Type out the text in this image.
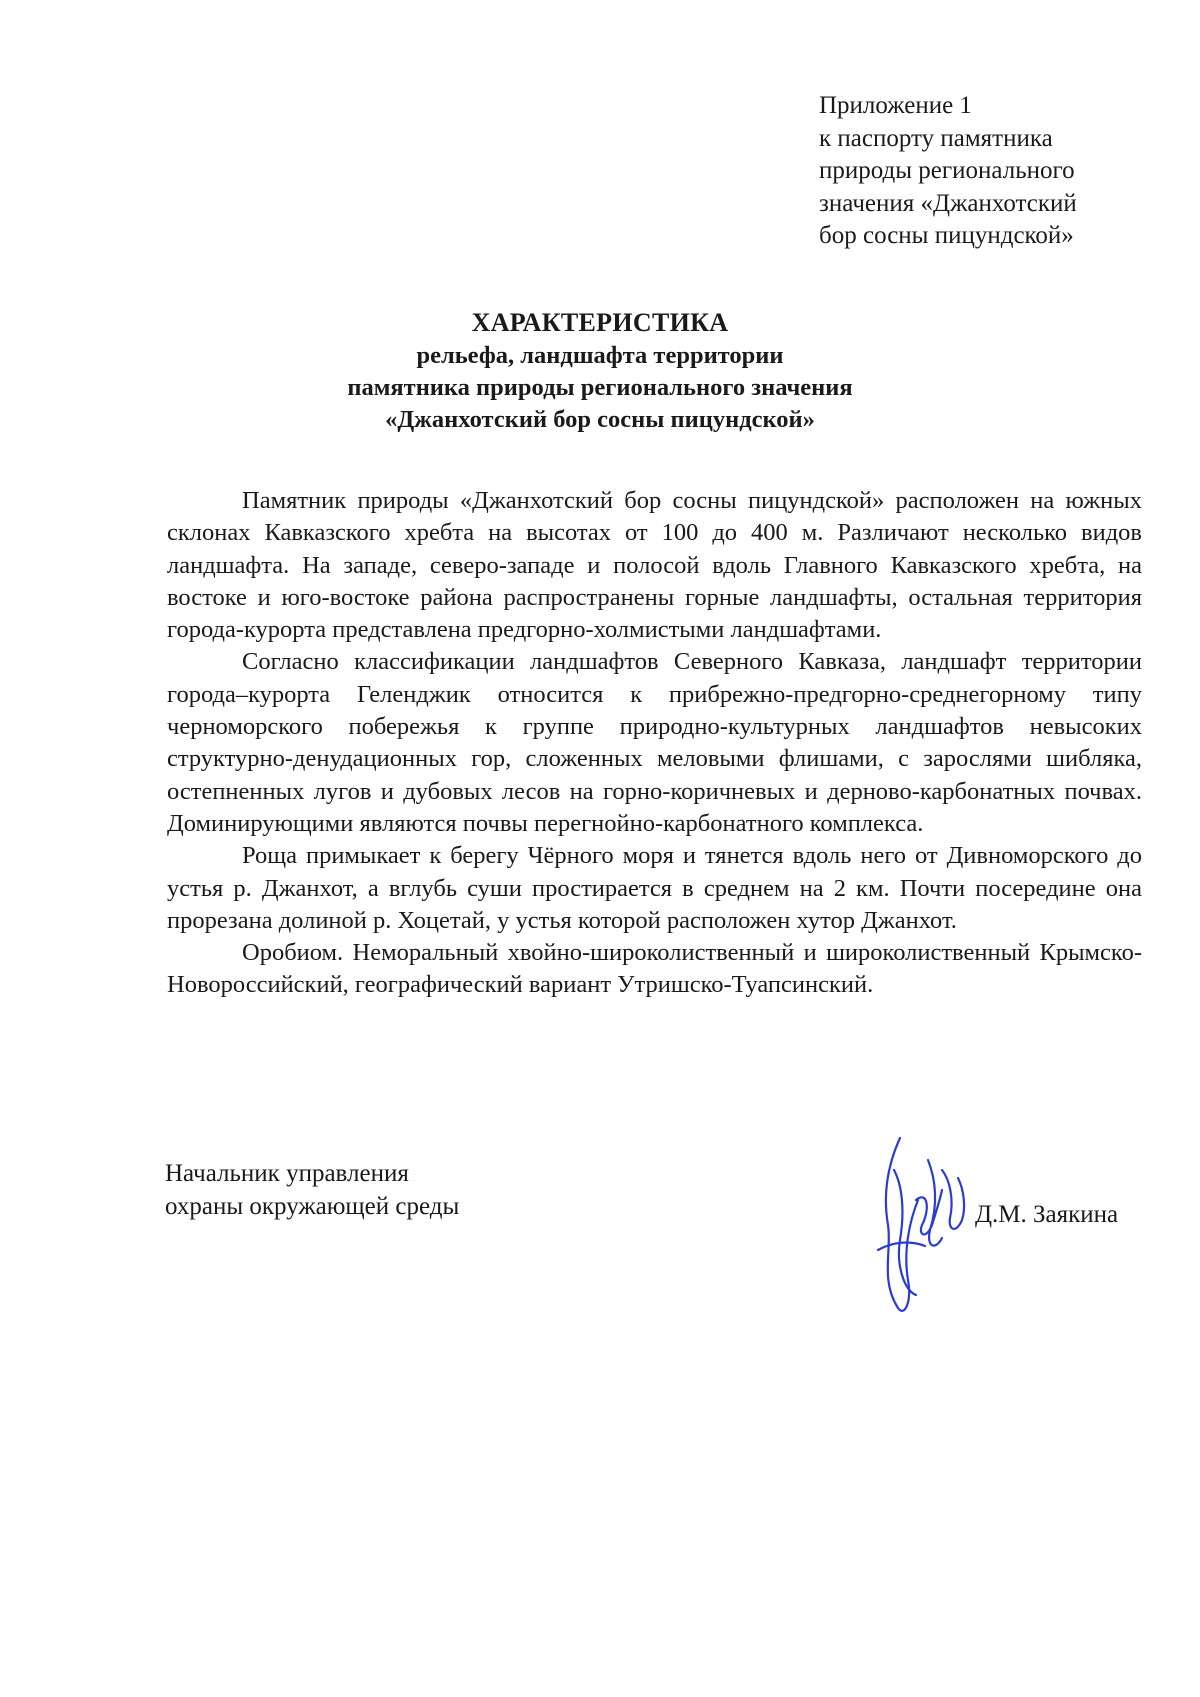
Приложение 1
к паспорту памятника
природы регионального
значения «Джанхотский
бор сосны пицундской»
ХАРАКТЕРИСТИКА
рельефа, ландшафта территории
памятника природы регионального значения
«Джанхотский бор сосны пицундской»

Памятник природы «Джанхотский бор сосны пицундской» расположен на южных склонах Кавказского хребта на высотах от 100 до 400 м. Различают несколько видов ландшафта. На западе, северо-западе и полосой вдоль Главного Кавказского хребта, на востоке и юго-востоке района распространены горные ландшафты, остальная территория города-курорта представлена предгорно-холмистыми ландшафтами.

Согласно классификации ландшафтов Северного Кавказа, ландшафт территории города–курорта Геленджик относится к прибрежно-предгорно-среднегорному типу черноморского побережья к группе природно-культурных ландшафтов невысоких структурно-денудационных гор, сложенных меловыми флишами, с зарослями шибляка, остепненных лугов и дубовых лесов на горно-коричневых и дерново-карбонатных почвах. Доминирующими являются почвы перегнойно-карбонатного комплекса.

Роща примыкает к берегу Чёрного моря и тянется вдоль него от Дивноморского до устья р. Джанхот, а вглубь суши простирается в среднем на 2 км. Почти посередине она прорезана долиной р. Хоцетай, у устья которой расположен хутор Джанхот.

Оробиом. Неморальный хвойно-широколиственный и широколиственный Крымско-Новороссийский, географический вариант Утришско-Туапсинский.

Начальник управления
охраны окружающей среды	Д.М. Заякина
